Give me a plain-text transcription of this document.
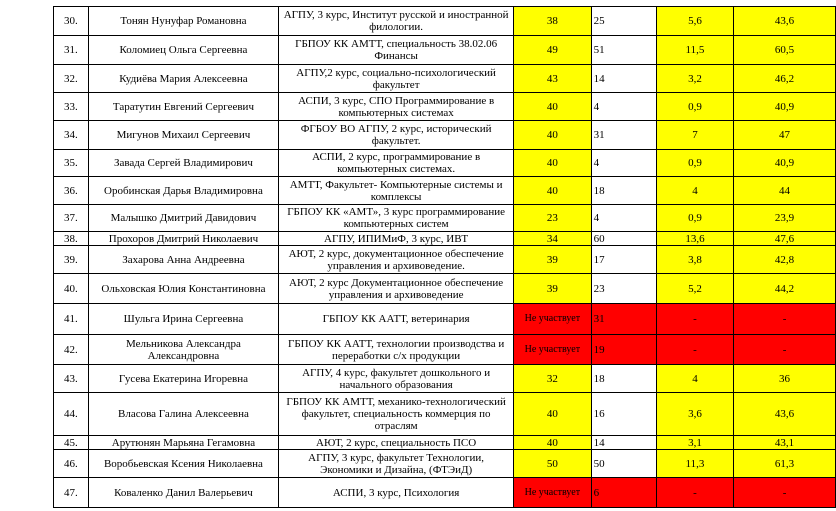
30.	Тонян Нунуфар Романовна	АГПУ, 3 курс, Институт русской и иностранной филологии.	38	25	5,6	43,6
31.	Коломиец Ольга Сергеевна	ГБПОУ КК АМТТ, специальность 38.02.06 Финансы	49	51	11,5	60,5
32.	Кудиёва Мария Алексеевна	АГПУ,2 курс, социально-психологический факультет	43	14	3,2	46,2
33.	Таратутин Евгений Сергеевич	АСПИ, 3 курс, СПО Программирование в компьютерных системах	40	4	0,9	40,9
34.	Мигунов Михаил Сергеевич	ФГБОУ ВО АГПУ, 2 курс, исторический факультет.	40	31	7	47
35.	Завада Сергей Владимирович	АСПИ, 2 курс, программирование в компьютерных системах.	40	4	0,9	40,9
36.	Оробинская Дарья Владимировна	АМТТ, Факультет- Компьютерные системы и комплексы	40	18	4	44
37.	Малышко Дмитрий Давидович	ГБПОУ КК «АМТ», 3 курс программирование компьютерных систем	23	4	0,9	23,9
38.	Прохоров Дмитрий Николаевич	АГПУ, ИПИМиФ, 3 курс, ИВТ	34	60	13,6	47,6
39.	Захарова Анна Андреевна	АЮТ, 2 курс, документационное обеспечение управления и архивоведение.	39	17	3,8	42,8
40.	Ольховская Юлия Константиновна	АЮТ, 2 курс Документационное обеспечение управления и архивоведение	39	23	5,2	44,2
41.	Шульга Ирина Сергеевна	ГБПОУ КК ААТТ, ветеринария	Не участвует	31	-	-
42.	Мельникова Александра Александровна	ГБПОУ КК ААТТ, технологии производства и переработки с/х продукции	Не участвует	19	-	-
43.	Гусева Екатерина Игоревна	АГПУ, 4 курс, факультет дошкольного и начального образования	32	18	4	36
44.	Власова Галина Алексеевна	ГБПОУ КК АМТТ, механико-технологический факультет, специальность коммерция по отраслям	40	16	3,6	43,6
45.	Арутюнян Марьяна Гегамовна	АЮТ, 2 курс, специальность ПСО	40	14	3,1	43,1
46.	Воробьевская Ксения Николаевна	АГПУ, 3 курс, факультет Технологии, Экономики и Дизайна, (ФТЭиД)	50	50	11,3	61,3
47.	Коваленко Данил Валерьевич	АСПИ, 3 курс, Психология	Не участвует	6	-	-
